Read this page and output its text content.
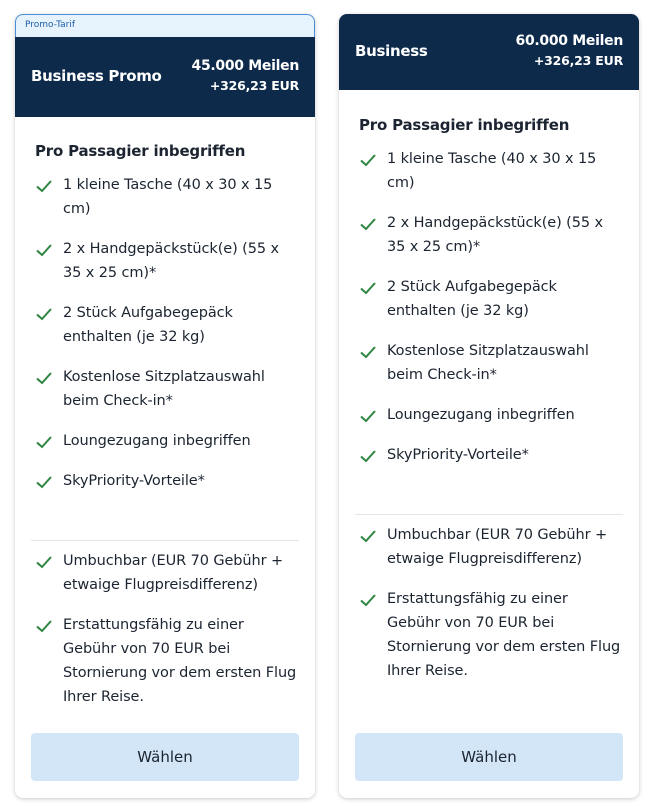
Promo-Tarif
Business Promo
45.000 Meilen
+326,23 EUR
Pro Passagier inbegriffen
1 kleine Tasche (40 x 30 x 15 cm)
2 x Handgepäckstück(e) (55 x 35 x 25 cm)*
2 Stück Aufgabegepäck enthalten (je 32 kg)
Kostenlose Sitzplatzauswahl beim Check-in*
Loungezugang inbegriffen
SkyPriority-Vorteile*
Umbuchbar (EUR 70 Gebühr + etwaige Flugpreisdifferenz)
Erstattungsfähig zu einer Gebühr von 70 EUR bei Stornierung vor dem ersten Flug Ihrer Reise.
Wählen
Business
60.000 Meilen
+326,23 EUR
Pro Passagier inbegriffen
1 kleine Tasche (40 x 30 x 15 cm)
2 x Handgepäckstück(e) (55 x 35 x 25 cm)*
2 Stück Aufgabegepäck enthalten (je 32 kg)
Kostenlose Sitzplatzauswahl beim Check-in*
Loungezugang inbegriffen
SkyPriority-Vorteile*
Umbuchbar (EUR 70 Gebühr + etwaige Flugpreisdifferenz)
Erstattungsfähig zu einer Gebühr von 70 EUR bei Stornierung vor dem ersten Flug Ihrer Reise.
Wählen
